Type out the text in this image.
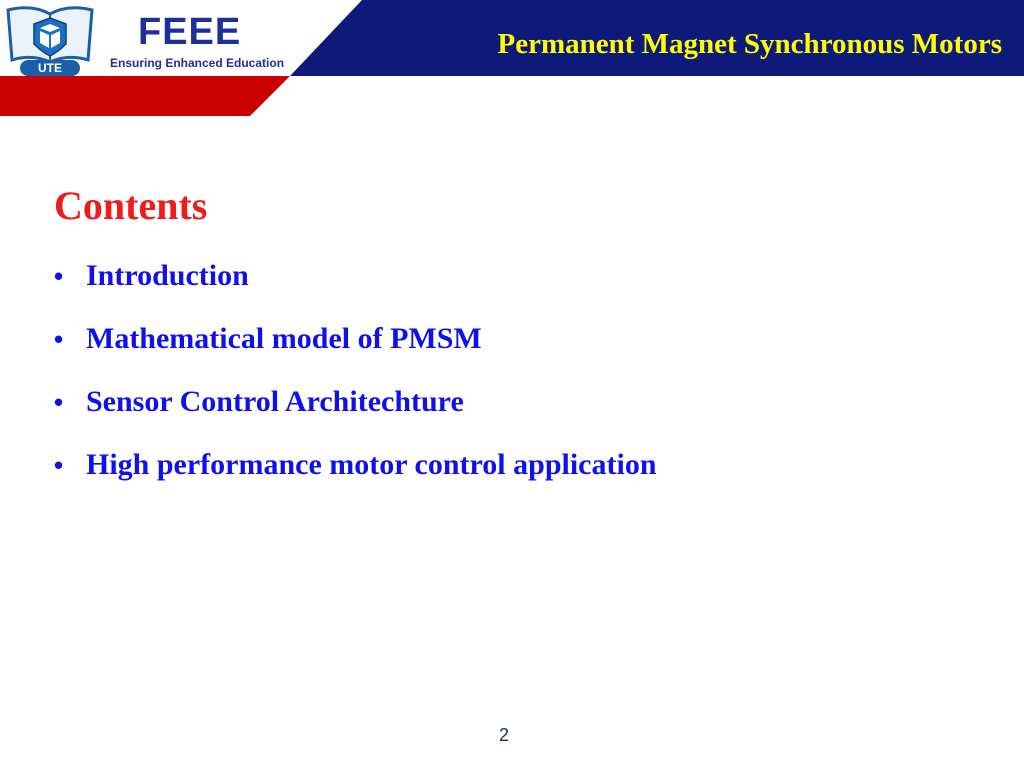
UTE
FEEE
Ensuring Enhanced Education
Permanent Magnet Synchronous Motors
Contents
• Introduction
• Mathematical model of PMSM
• Sensor Control Architechture
• High performance motor control application
2
